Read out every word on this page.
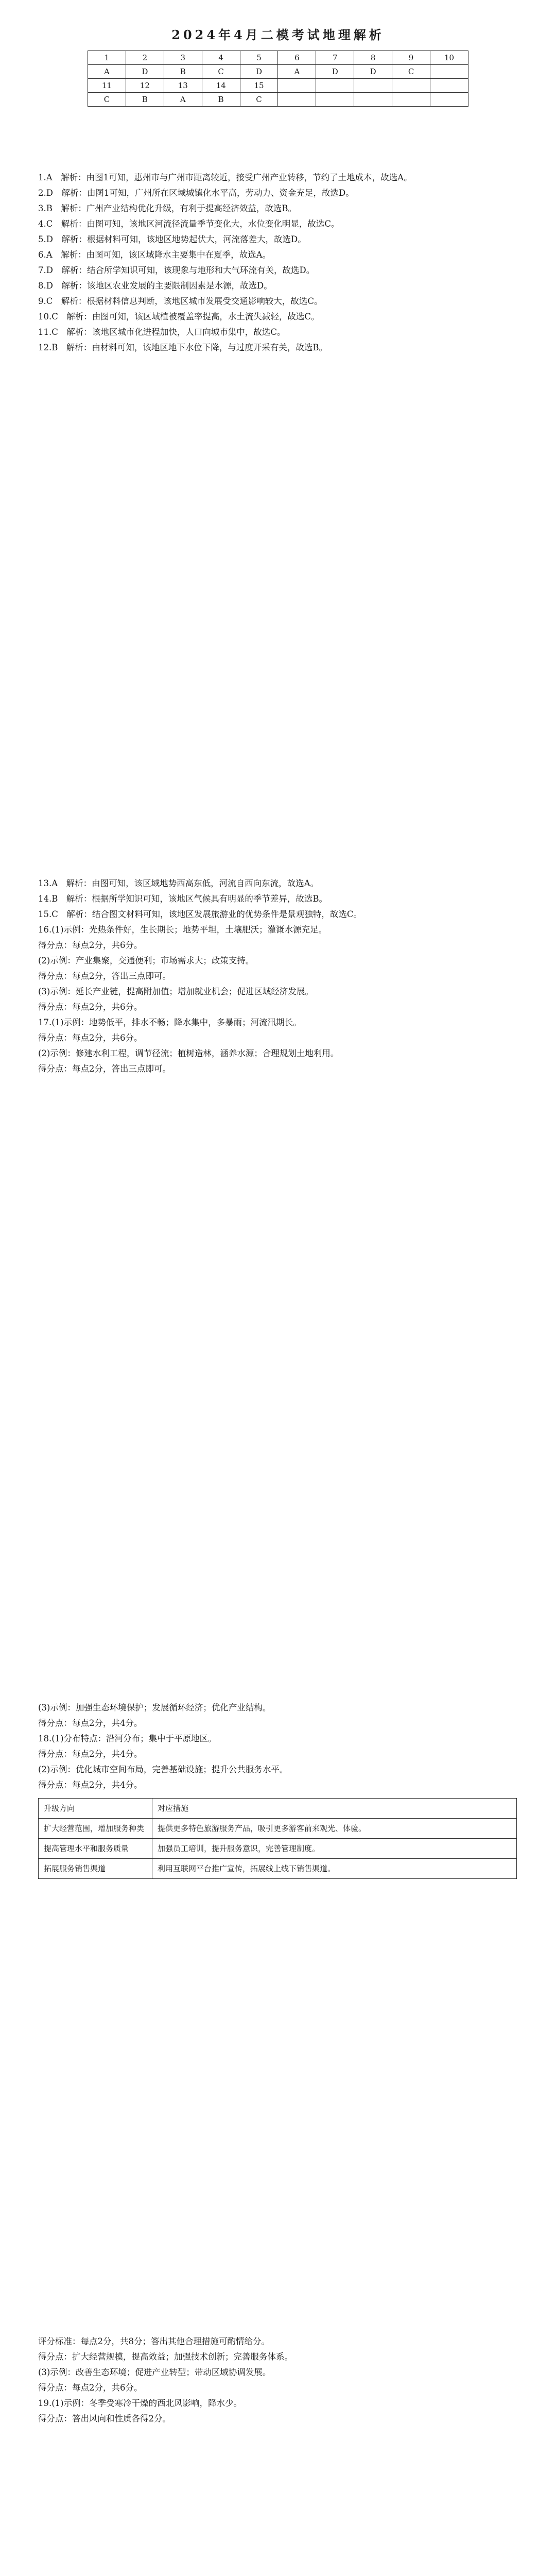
2024年4月二模考试地理解析
1	2	3	4	5	6	7	8	9	10
A	D	B	C	D	A	D	D	C	
11	12	13	14	15					
C	B	A	B	C					

1.A　解析：由图1可知，惠州市与广州市距离较近，接受广州产业转移，节约了土地成本，故选A。

2.D　解析：由图1可知，广州所在区域城镇化水平高，劳动力、资金充足，故选D。

3.B　解析：广州产业结构优化升级，有利于提高经济效益，故选B。

4.C　解析：由图可知，该地区河流径流量季节变化大，水位变化明显，故选C。

5.D　解析：根据材料可知，该地区地势起伏大，河流落差大，故选D。

6.A　解析：由图可知，该区域降水主要集中在夏季，故选A。

7.D　解析：结合所学知识可知，该现象与地形和大气环流有关，故选D。

8.D　解析：该地区农业发展的主要限制因素是水源，故选D。

9.C　解析：根据材料信息判断，该地区城市发展受交通影响较大，故选C。

10.C　解析：由图可知，该区域植被覆盖率提高，水土流失减轻，故选C。

11.C　解析：该地区城市化进程加快，人口向城市集中，故选C。

12.B　解析：由材料可知，该地区地下水位下降，与过度开采有关，故选B。

13.A　解析：由图可知，该区域地势西高东低，河流自西向东流，故选A。

14.B　解析：根据所学知识可知，该地区气候具有明显的季节差异，故选B。

15.C　解析：结合图文材料可知，该地区发展旅游业的优势条件是景观独特，故选C。

16.(1)示例：光热条件好，生长期长；地势平坦，土壤肥沃；灌溉水源充足。

得分点：每点2分，共6分。

(2)示例：产业集聚，交通便利；市场需求大；政策支持。

得分点：每点2分，答出三点即可。

(3)示例：延长产业链，提高附加值；增加就业机会；促进区域经济发展。

得分点：每点2分，共6分。

17.(1)示例：地势低平，排水不畅；降水集中，多暴雨；河流汛期长。

得分点：每点2分，共6分。

(2)示例：修建水利工程，调节径流；植树造林，涵养水源；合理规划土地利用。

得分点：每点2分，答出三点即可。

(3)示例：加强生态环境保护；发展循环经济；优化产业结构。

得分点：每点2分，共4分。

18.(1)分布特点：沿河分布；集中于平原地区。

得分点：每点2分，共4分。

(2)示例：优化城市空间布局，完善基础设施；提升公共服务水平。

得分点：每点2分，共4分。

升级方向	对应措施
扩大经营范围，增加服务种类	提供更多特色旅游服务产品，吸引更多游客前来观光、体验。
提高管理水平和服务质量	加强员工培训，提升服务意识，完善管理制度。
拓展服务销售渠道	利用互联网平台推广宣传，拓展线上线下销售渠道。

评分标准：每点2分，共8分；答出其他合理措施可酌情给分。

得分点：扩大经营规模，提高效益；加强技术创新；完善服务体系。

(3)示例：改善生态环境；促进产业转型；带动区域协调发展。

得分点：每点2分，共6分。

19.(1)示例：冬季受寒冷干燥的西北风影响，降水少。

得分点：答出风向和性质各得2分。
